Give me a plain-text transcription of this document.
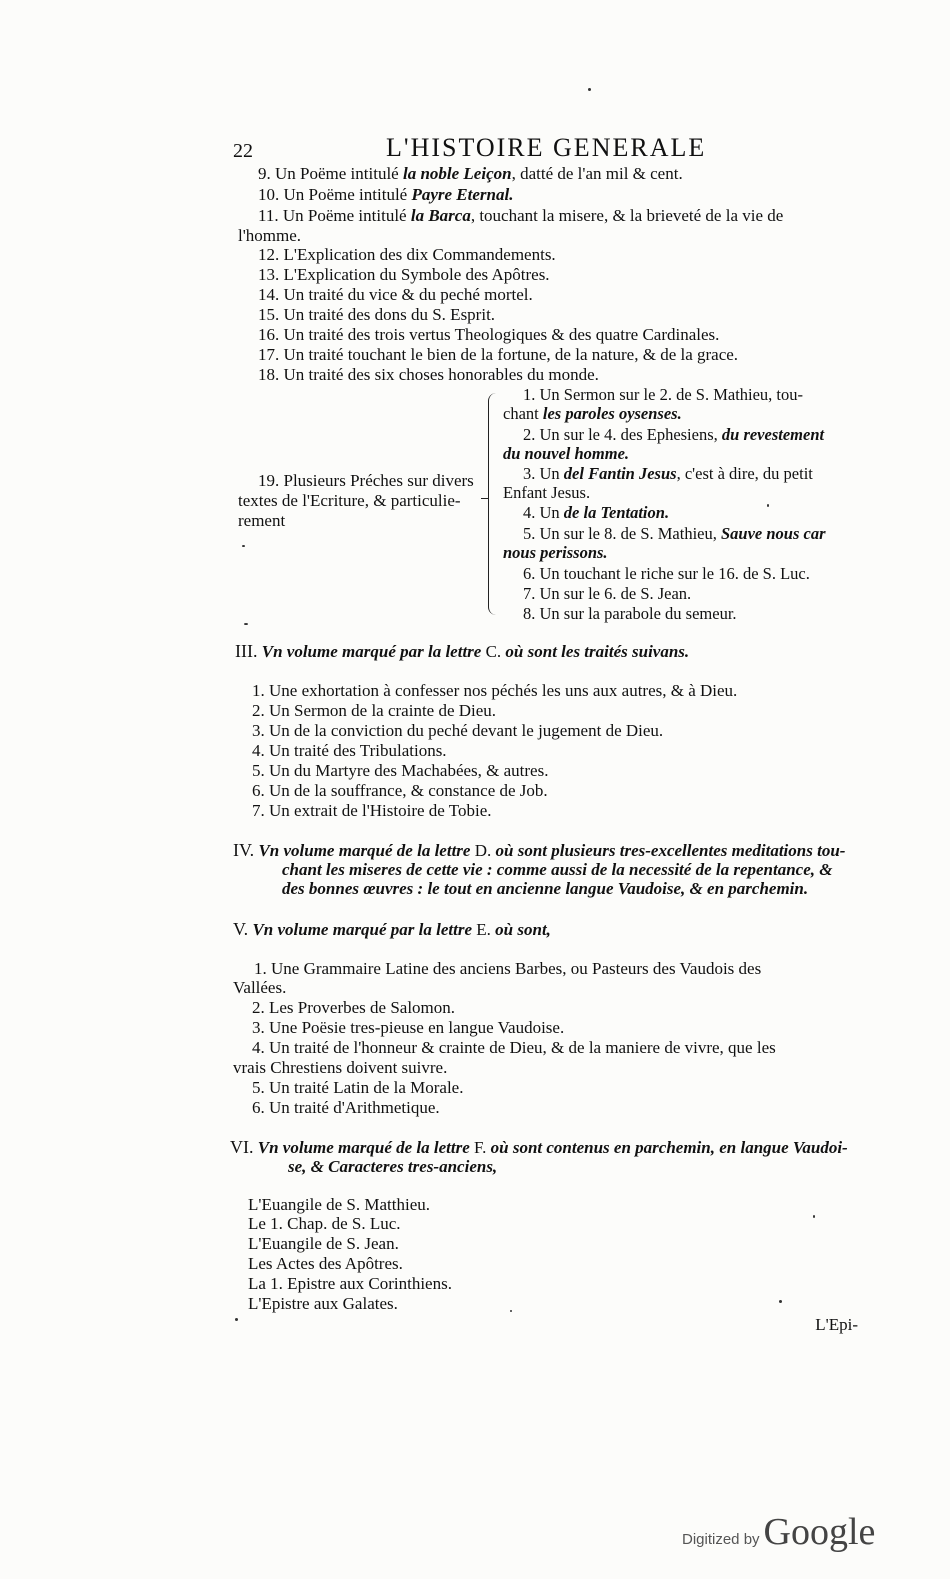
22	L'HISTOIRE GENERALE
9. Un Poëme intitulé la noble Leiçon, datté de l'an mil & cent.
10. Un Poëme intitulé Payre Eternal.
11. Un Poëme intitulé la Barca, touchant la misere, & la brieveté de la vie de
l'homme.
12. L'Explication des dix Commandements.
13. L'Explication du Symbole des Apôtres.
14. Un traité du vice & du peché mortel.
15. Un traité des dons du S. Esprit.
16. Un traité des trois vertus Theologiques & des quatre Cardinales.
17. Un traité touchant le bien de la fortune, de la nature, & de la grace.
18. Un traité des six choses honorables du monde.
19. Plusieurs Préches sur divers
textes de l'Ecriture, & particulie-
rement
1. Un Sermon sur le 2. de S. Mathieu, tou-
chant les paroles oysenses.
2. Un sur le 4. des Ephesiens, du revestement
du nouvel homme.
3. Un del Fantin Jesus, c'est à dire, du petit
Enfant Jesus.
4. Un de la Tentation.
5. Un sur le 8. de S. Mathieu, Sauve nous car
nous perissons.
6. Un touchant le riche sur le 16. de S. Luc.
7. Un sur le 6. de S. Jean.
8. Un sur la parabole du semeur.
III. Vn volume marqué par la lettre C. où sont les traités suivans.
1. Une exhortation à confesser nos péchés les uns aux autres, & à Dieu.
2. Un Sermon de la crainte de Dieu.
3. Un de la conviction du peché devant le jugement de Dieu.
4. Un traité des Tribulations.
5. Un du Martyre des Machabées, & autres.
6. Un de la souffrance, & constance de Job.
7. Un extrait de l'Histoire de Tobie.
IV. Vn volume marqué de la lettre D. où sont plusieurs tres-excellentes meditations tou-
chant les miseres de cette vie : comme aussi de la necessité de la repentance, &
des bonnes œuvres : le tout en ancienne langue Vaudoise, & en parchemin.
V. Vn volume marqué par la lettre E. où sont,
1. Une Grammaire Latine des anciens Barbes, ou Pasteurs des Vaudois des
Vallées.
2. Les Proverbes de Salomon.
3. Une Poësie tres-pieuse en langue Vaudoise.
4. Un traité de l'honneur & crainte de Dieu, & de la maniere de vivre, que les
vrais Chrestiens doivent suivre.
5. Un traité Latin de la Morale.
6. Un traité d'Arithmetique.
VI. Vn volume marqué de la lettre F. où sont contenus en parchemin, en langue Vaudoi-
se, & Caracteres tres-anciens,
L'Euangile de S. Matthieu.
Le 1. Chap. de S. Luc.
L'Euangile de S. Jean.
Les Actes des Apôtres.
La 1. Epistre aux Corinthiens.
L'Epistre aux Galates.
L'Epi-
Digitized by Google
